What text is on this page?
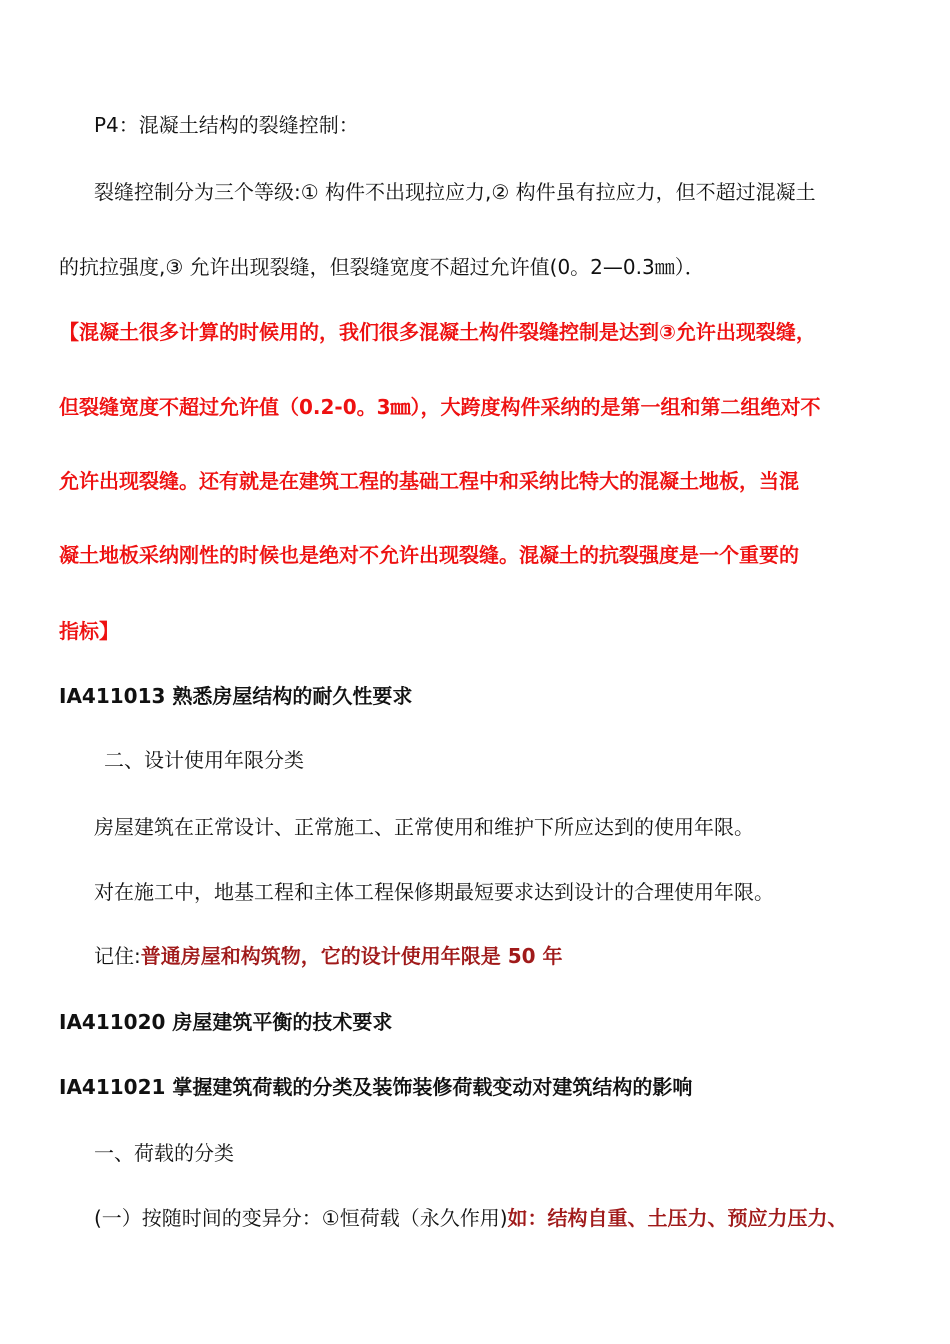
P4：混凝土结构的裂缝控制：
裂缝控制分为三个等级:① 构件不出现拉应力,② 构件虽有拉应力，但不超过混凝土
的抗拉强度,③ 允许出现裂缝，但裂缝宽度不超过允许值(0。2—0.3㎜）．
【混凝土很多计算的时候用的，我们很多混凝土构件裂缝控制是达到③允许出现裂缝，
但裂缝宽度不超过允许值（0.2-0。3㎜），大跨度构件采纳的是第一组和第二组绝对不
允许出现裂缝。还有就是在建筑工程的基础工程中和采纳比特大的混凝土地板，当混
凝土地板采纳刚性的时候也是绝对不允许出现裂缝。混凝土的抗裂强度是一个重要的
指标】
IA411013 熟悉房屋结构的耐久性要求
二、设计使用年限分类
房屋建筑在正常设计、正常施工、正常使用和维护下所应达到的使用年限。
对在施工中，地基工程和主体工程保修期最短要求达到设计的合理使用年限。
记住:普通房屋和构筑物，它的设计使用年限是 50 年
IA411020 房屋建筑平衡的技术要求
IA411021 掌握建筑荷载的分类及装饰装修荷载变动对建筑结构的影响
一、荷载的分类
(一）按随时间的变异分：①恒荷载（永久作用)如：结构自重、土压力、预应力压力、
